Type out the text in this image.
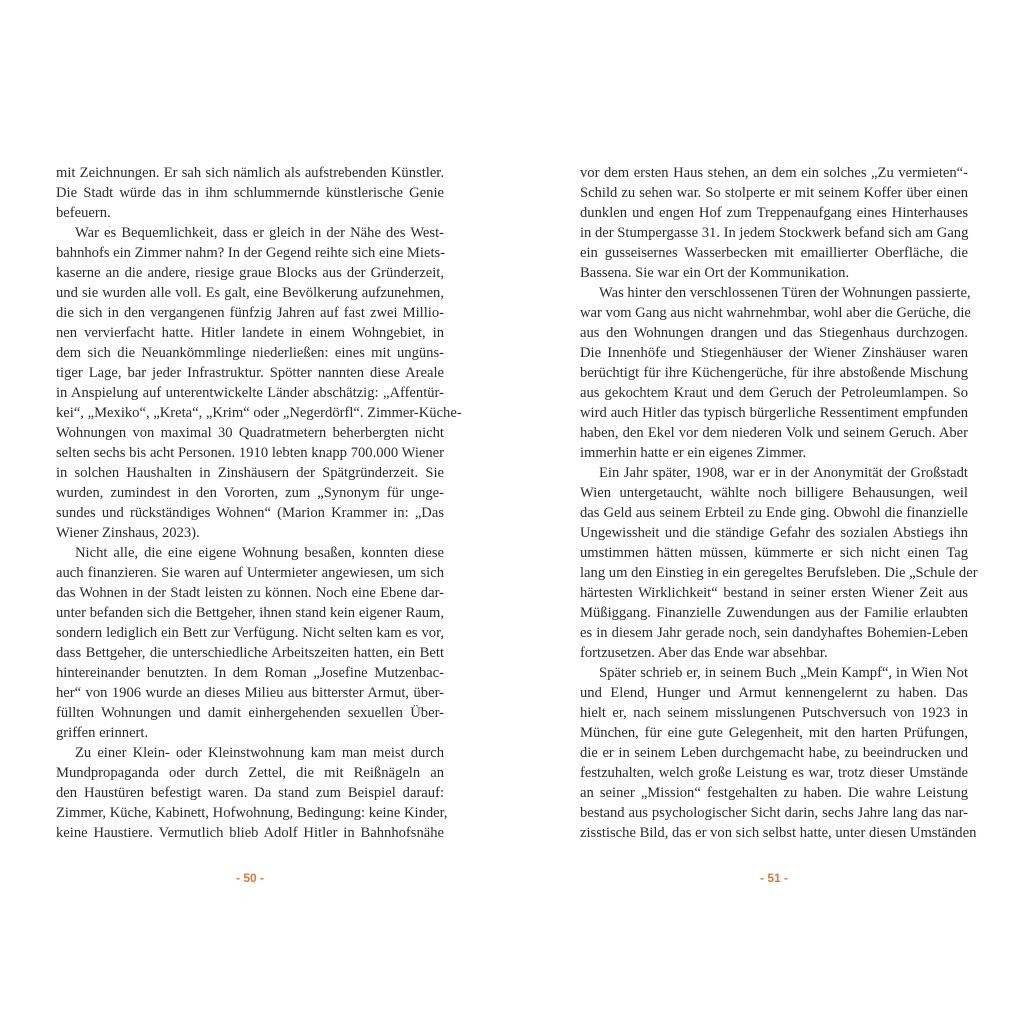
mit Zeichnungen. Er sah sich nämlich als aufstrebenden Künstler.
Die Stadt würde das in ihm schlummernde künstlerische Genie
befeuern.
War es Bequemlichkeit, dass er gleich in der Nähe des West-
bahnhofs ein Zimmer nahm? In der Gegend reihte sich eine Miets-
kaserne an die andere, riesige graue Blocks aus der Gründerzeit,
und sie wurden alle voll. Es galt, eine Bevölkerung aufzunehmen,
die sich in den vergangenen fünfzig Jahren auf fast zwei Millio-
nen vervierfacht hatte. Hitler landete in einem Wohngebiet, in
dem sich die Neuankömmlinge niederließen: eines mit ungüns-
tiger Lage, bar jeder Infrastruktur. Spötter nannten diese Areale
in Anspielung auf unterentwickelte Länder abschätzig: „Affentür-
kei“, „Mexiko“, „Kreta“, „Krim“ oder „Negerdörfl“. Zimmer-Küche-
Wohnungen von maximal 30 Quadratmetern beherbergten nicht
selten sechs bis acht Personen. 1910 lebten knapp 700.000 Wiener
in solchen Haushalten in Zinshäusern der Spätgründerzeit. Sie
wurden, zumindest in den Vororten, zum „Synonym für unge-
sundes und rückständiges Wohnen“ (Marion Krammer in: „Das
Wiener Zinshaus, 2023).
Nicht alle, die eine eigene Wohnung besaßen, konnten diese
auch finanzieren. Sie waren auf Untermieter angewiesen, um sich
das Wohnen in der Stadt leisten zu können. Noch eine Ebene dar-
unter befanden sich die Bettgeher, ihnen stand kein eigener Raum,
sondern lediglich ein Bett zur Verfügung. Nicht selten kam es vor,
dass Bettgeher, die unterschiedliche Arbeitszeiten hatten, ein Bett
hintereinander benutzten. In dem Roman „Josefine Mutzenbac-
her“ von 1906 wurde an dieses Milieu aus bitterster Armut, über-
füllten Wohnungen und damit einhergehenden sexuellen Über-
griffen erinnert.
Zu einer Klein- oder Kleinstwohnung kam man meist durch
Mundpropaganda oder durch Zettel, die mit Reißnägeln an
den Haustüren befestigt waren. Da stand zum Beispiel darauf:
Zimmer, Küche, Kabinett, Hofwohnung, Bedingung: keine Kinder,
keine Haustiere. Vermutlich blieb Adolf Hitler in Bahnhofsnähe
- 50 -
vor dem ersten Haus stehen, an dem ein solches „Zu vermieten“-
Schild zu sehen war. So stolperte er mit seinem Koffer über einen
dunklen und engen Hof zum Treppenaufgang eines Hinterhauses
in der Stumpergasse 31. In jedem Stockwerk befand sich am Gang
ein gusseisernes Wasserbecken mit emaillierter Oberfläche, die
Bassena. Sie war ein Ort der Kommunikation.
Was hinter den verschlossenen Türen der Wohnungen passierte,
war vom Gang aus nicht wahrnehmbar, wohl aber die Gerüche, die
aus den Wohnungen drangen und das Stiegenhaus durchzogen.
Die Innenhöfe und Stiegenhäuser der Wiener Zinshäuser waren
berüchtigt für ihre Küchengerüche, für ihre abstoßende Mischung
aus gekochtem Kraut und dem Geruch der Petroleumlampen. So
wird auch Hitler das typisch bürgerliche Ressentiment empfunden
haben, den Ekel vor dem niederen Volk und seinem Geruch. Aber
immerhin hatte er ein eigenes Zimmer.
Ein Jahr später, 1908, war er in der Anonymität der Großstadt
Wien untergetaucht, wählte noch billigere Behausungen, weil
das Geld aus seinem Erbteil zu Ende ging. Obwohl die finanzielle
Ungewissheit und die ständige Gefahr des sozialen Abstiegs ihn
umstimmen hätten müssen, kümmerte er sich nicht einen Tag
lang um den Einstieg in ein geregeltes Berufsleben. Die „Schule der
härtesten Wirklichkeit“ bestand in seiner ersten Wiener Zeit aus
Müßiggang. Finanzielle Zuwendungen aus der Familie erlaubten
es in diesem Jahr gerade noch, sein dandyhaftes Bohemien-Leben
fortzusetzen. Aber das Ende war absehbar.
Später schrieb er, in seinem Buch „Mein Kampf“, in Wien Not
und Elend, Hunger und Armut kennengelernt zu haben. Das
hielt er, nach seinem misslungenen Putschversuch von 1923 in
München, für eine gute Gelegenheit, mit den harten Prüfungen,
die er in seinem Leben durchgemacht habe, zu beeindrucken und
festzuhalten, welch große Leistung es war, trotz dieser Umstände
an seiner „Mission“ festgehalten zu haben. Die wahre Leistung
bestand aus psychologischer Sicht darin, sechs Jahre lang das nar-
zisstische Bild, das er von sich selbst hatte, unter diesen Umständen
- 51 -
